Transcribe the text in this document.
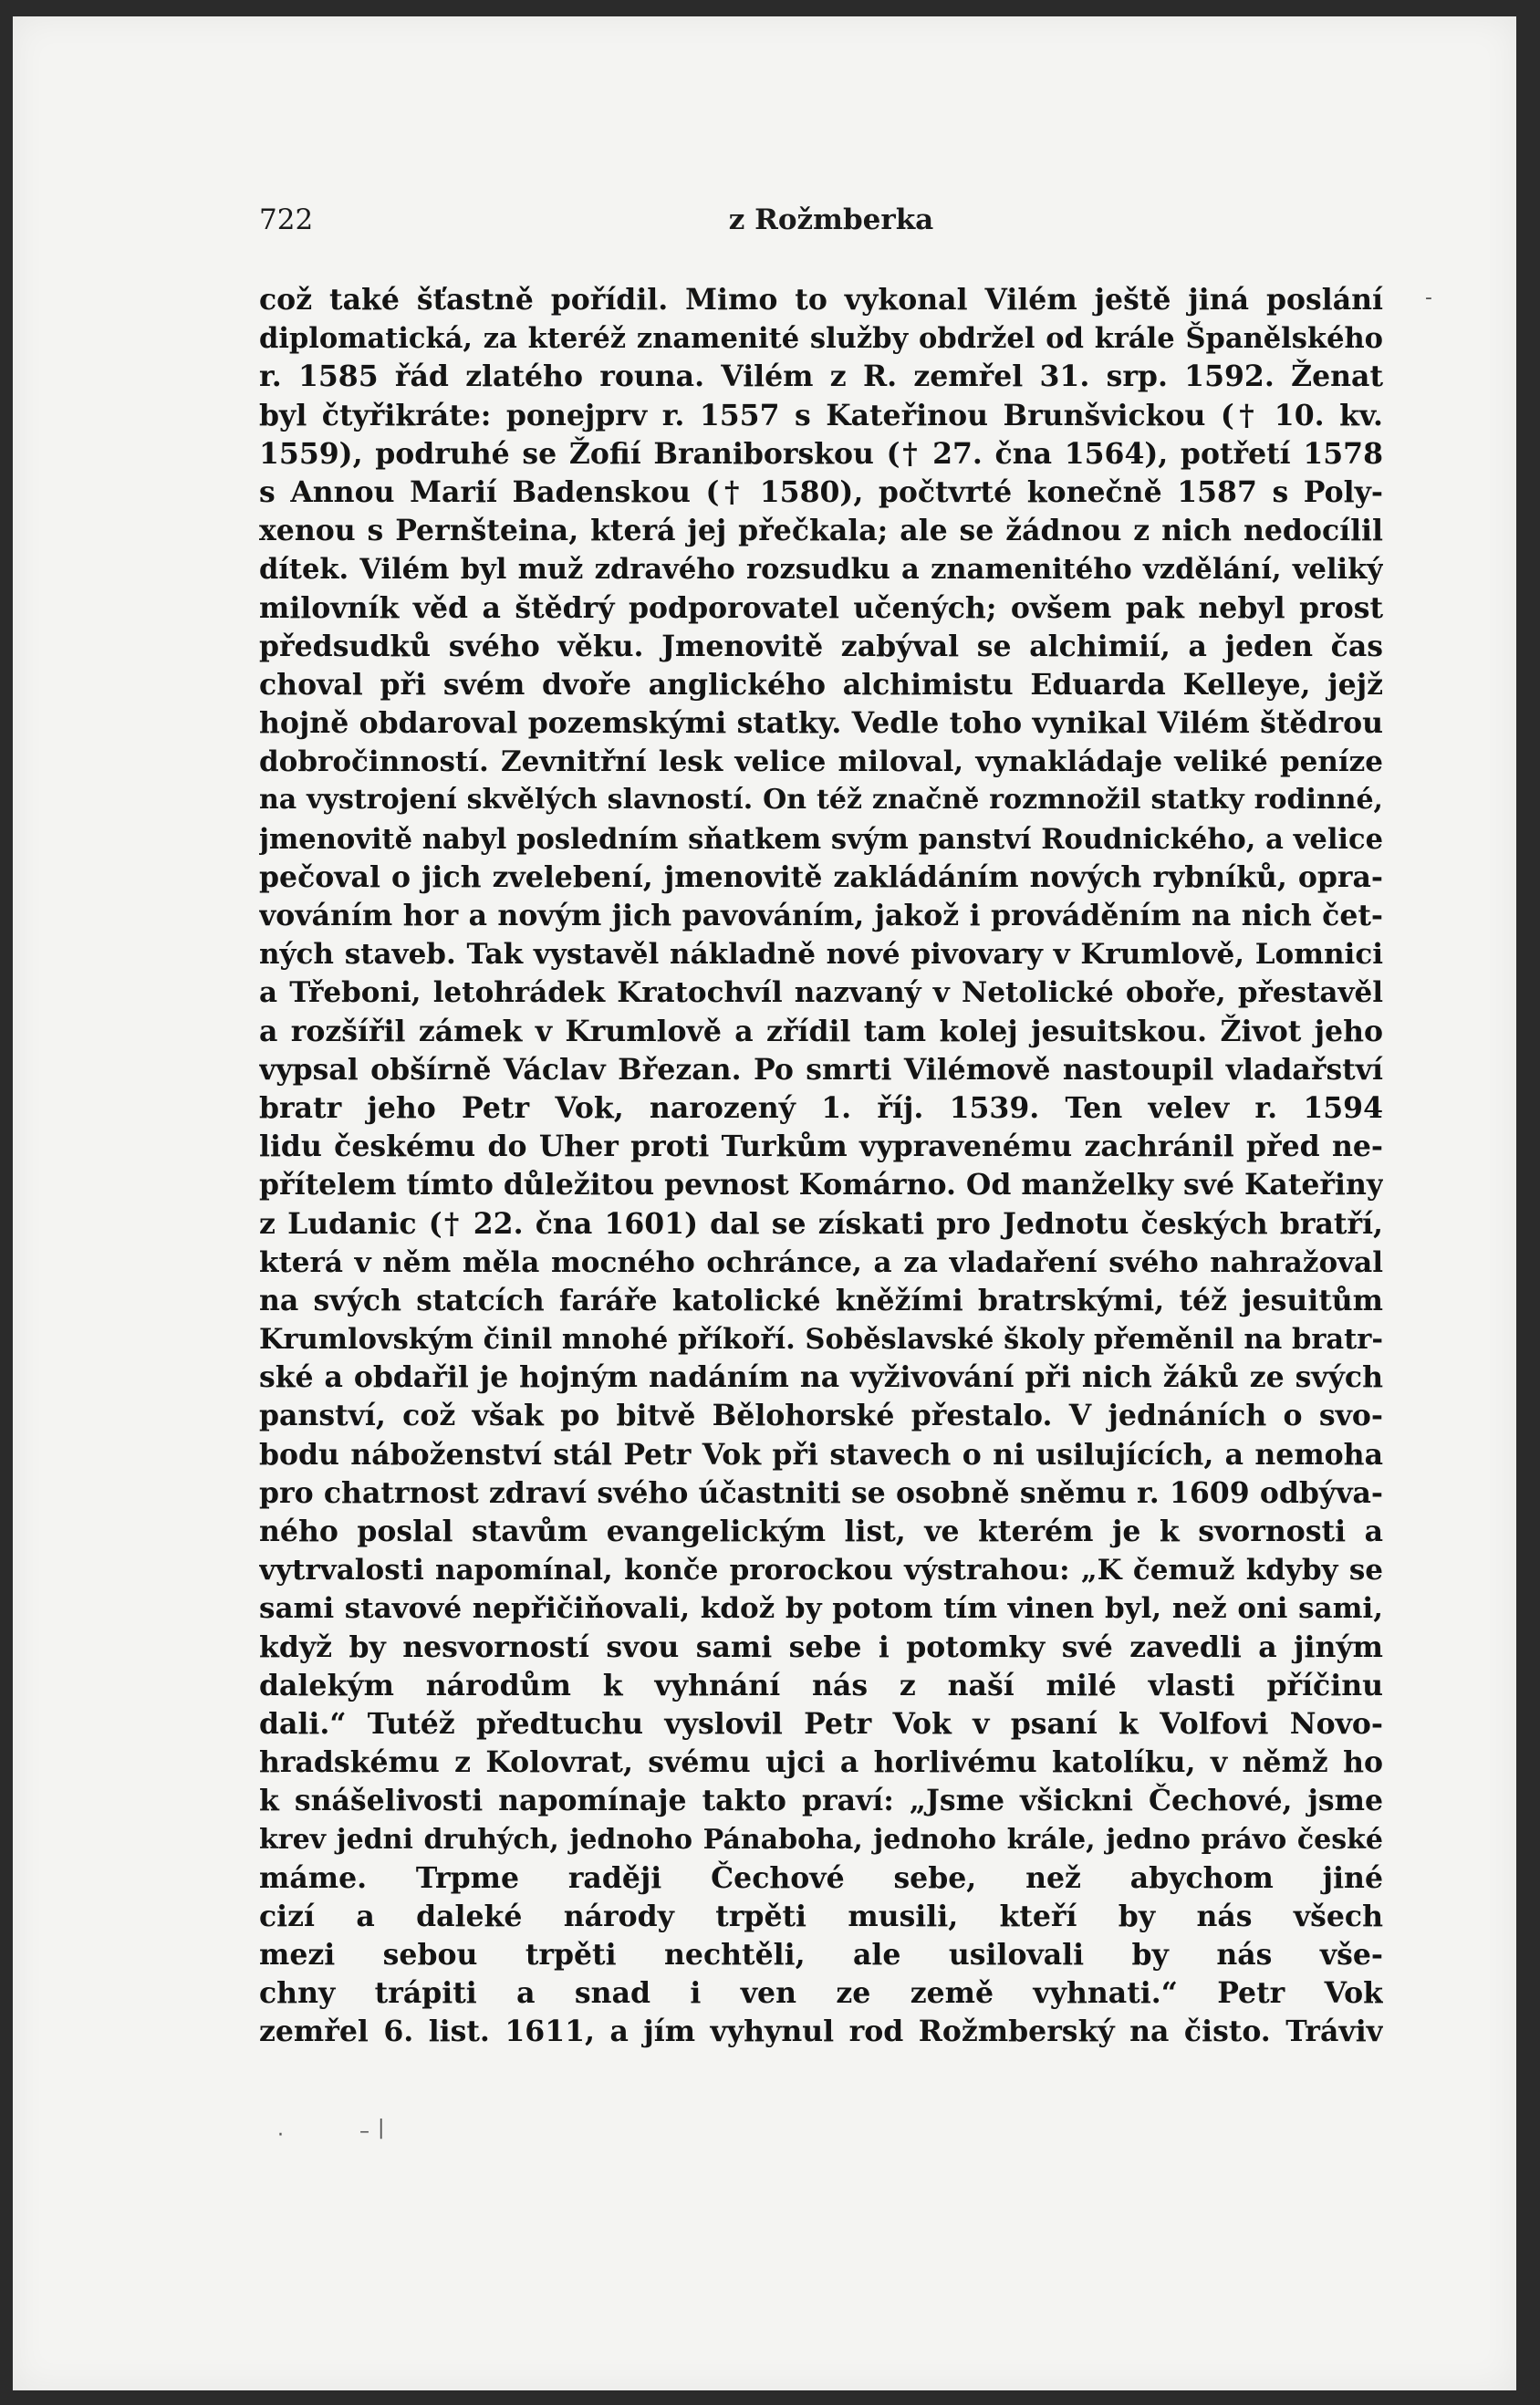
722	z Rožmberka
což také šťastně pořídil. Mimo to vykonal Vilém ještě jiná poslání
diplomatická, za kteréž znamenité služby obdržel od krále Španělského
r. 1585 řád zlatého rouna. Vilém z R. zemřel 31. srp. 1592. Ženat
byl čtyřikráte: ponejprv r. 1557 s Kateřinou Brunšvickou († 10. kv.
1559), podruhé se Žofií Braniborskou († 27. čna 1564), potřetí 1578
s Annou Marií Badenskou († 1580), počtvrté konečně 1587 s Poly-
xenou s Pernšteina, která jej přečkala; ale se žádnou z nich nedocílil
dítek. Vilém byl muž zdravého rozsudku a znamenitého vzdělání, veliký
milovník věd a štědrý podporovatel učených; ovšem pak nebyl prost
předsudků svého věku. Jmenovitě zabýval se alchimií, a jeden čas
choval při svém dvoře anglického alchimistu Eduarda Kelleye, jejž
hojně obdaroval pozemskými statky. Vedle toho vynikal Vilém štědrou
dobročinností. Zevnitřní lesk velice miloval, vynakládaje veliké peníze
na vystrojení skvělých slavností. On též značně rozmnožil statky rodinné,
jmenovitě nabyl posledním sňatkem svým panství Roudnického, a velice
pečoval o jich zvelebení, jmenovitě zakládáním nových rybníků, opra-
vováním hor a novým jich pavováním, jakož i prováděním na nich čet-
ných staveb. Tak vystavěl nákladně nové pivovary v Krumlově, Lomnici
a Třeboni, letohrádek Kratochvíl nazvaný v Netolické oboře, přestavěl
a rozšířil zámek v Krumlově a zřídil tam kolej jesuitskou. Život jeho
vypsal obšírně Václav Březan. Po smrti Vilémově nastoupil vladařství
bratr jeho Petr Vok, narozený 1. říj. 1539. Ten velev r. 1594
lidu českému do Uher proti Turkům vypravenému zachránil před ne-
přítelem tímto důležitou pevnost Komárno. Od manželky své Kateřiny
z Ludanic († 22. čna 1601) dal se získati pro Jednotu českých bratří,
která v něm měla mocného ochránce, a za vladaření svého nahražoval
na svých statcích faráře katolické kněžími bratrskými, též jesuitům
Krumlovským činil mnohé příkoří. Soběslavské školy přeměnil na bratr-
ské a obdařil je hojným nadáním na vyživování při nich žáků ze svých
panství, což však po bitvě Bělohorské přestalo. V jednáních o svo-
bodu náboženství stál Petr Vok při stavech o ni usilujících, a nemoha
pro chatrnost zdraví svého účastniti se osobně sněmu r. 1609 odbýva-
ného poslal stavům evangelickým list, ve kterém je k svornosti a
vytrvalosti napomínal, konče prorockou výstrahou: „K čemuž kdyby se
sami stavové nepřičiňovali, kdož by potom tím vinen byl, než oni sami,
když by nesvorností svou sami sebe i potomky své zavedli a jiným
dalekým národům k vyhnání nás z naší milé vlasti příčinu
dali.“ Tutéž předtuchu vyslovil Petr Vok v psaní k Volfovi Novo-
hradskému z Kolovrat, svému ujci a horlivému katolíku, v němž ho
k snášelivosti napomínaje takto praví: „Jsme všickni Čechové, jsme
krev jedni druhých, jednoho Pánaboha, jednoho krále, jedno právo české
máme. Trpme raději Čechové sebe, než abychom jiné
cizí a daleké národy trpěti musili, kteří by nás všech
mezi sebou trpěti nechtěli, ale usilovali by nás vše-
chny trápiti a snad i ven ze země vyhnati.“ Petr Vok
zemřel 6. list. 1611, a jím vyhynul rod Rožmberský na čisto. Tráviv
-
·	– |
